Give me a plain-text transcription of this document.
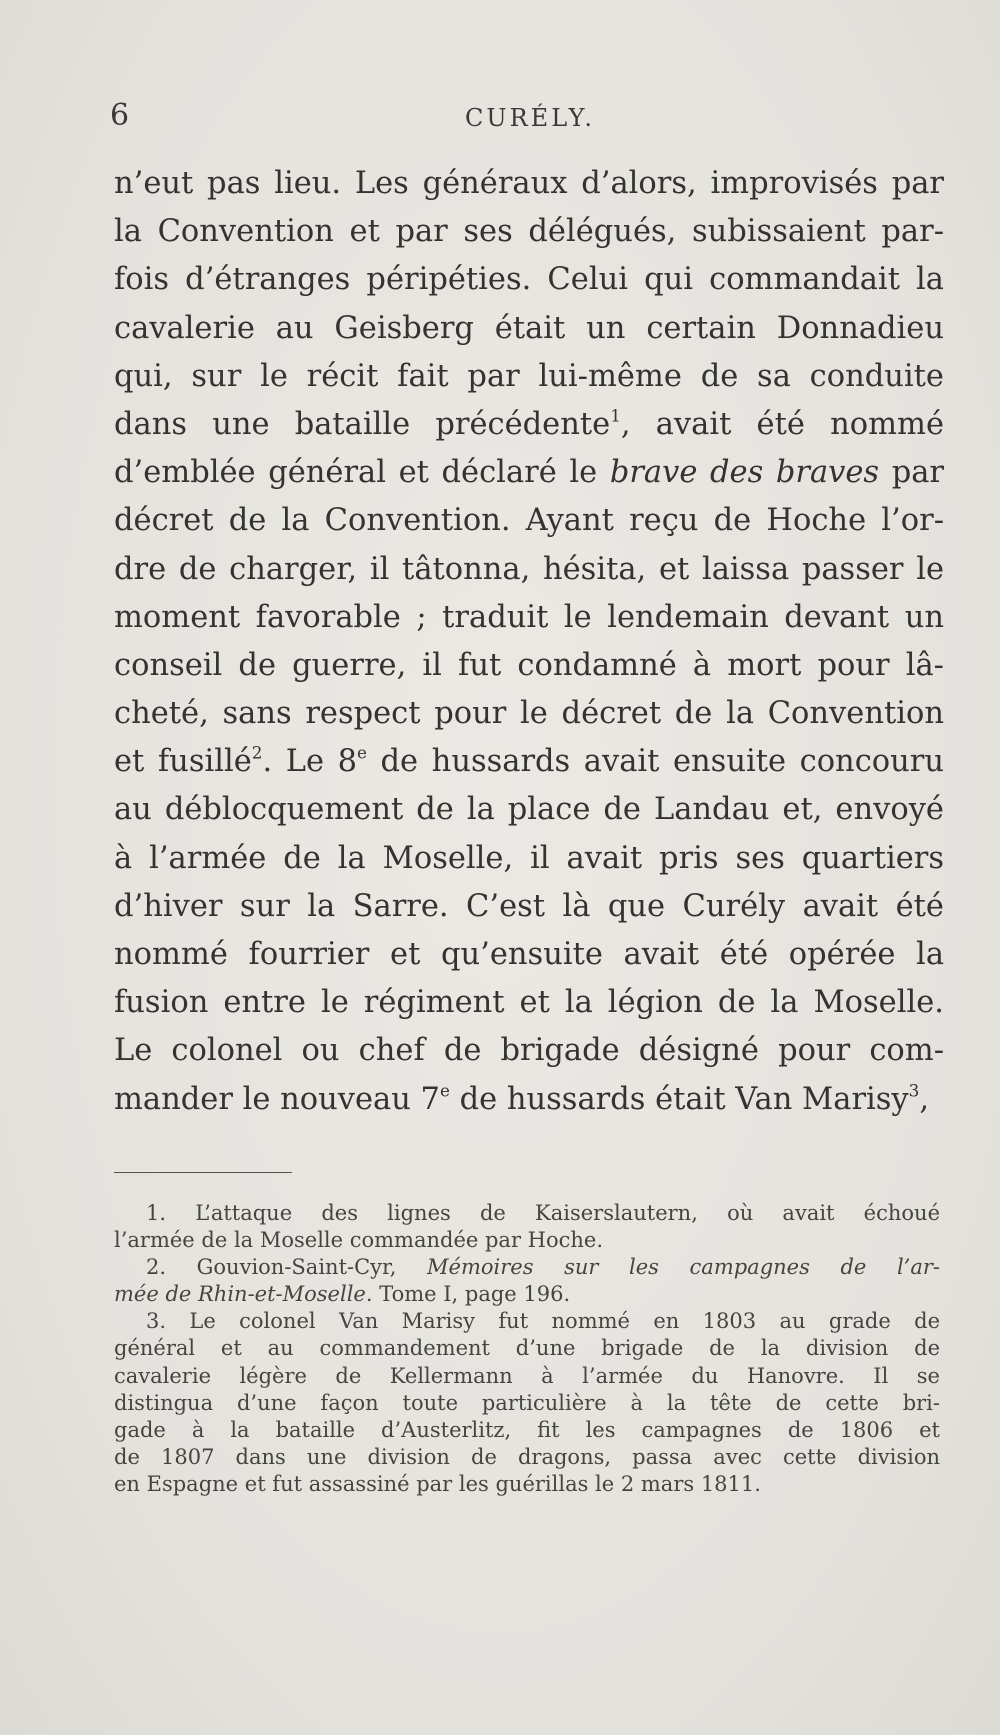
6	CURÉLY.
n’eut pas lieu. Les généraux d’alors, improvisés par
la Convention et par ses délégués, subissaient par-
fois d’étranges péripéties. Celui qui commandait la
cavalerie au Geisberg était un certain Donnadieu
qui, sur le récit fait par lui-même de sa conduite
dans une bataille précédente$^1$, avait été nommé
d’emblée général et déclaré le brave des braves par
décret de la Convention. Ayant reçu de Hoche l’or-
dre de charger, il tâtonna, hésita, et laissa passer le
moment favorable ; traduit le lendemain devant un
conseil de guerre, il fut condamné à mort pour lâ-
cheté, sans respect pour le décret de la Convention
et fusillé$^2$. Le 8e de hussards avait ensuite concouru
au déblocquement de la place de Landau et, envoyé
à l’armée de la Moselle, il avait pris ses quartiers
d’hiver sur la Sarre. C’est là que Curély avait été
nommé fourrier et qu’ensuite avait été opérée la
fusion entre le régiment et la légion de la Moselle.
Le colonel ou chef de brigade désigné pour com-
mander le nouveau 7e de hussards était Van Marisy$^3$,
1. L’attaque des lignes de Kaiserslautern, où avait échoué
l’armée de la Moselle commandée par Hoche.
2. Gouvion-Saint-Cyr, Mémoires sur les campagnes de l’ar-
mée de Rhin-et-Moselle. Tome I, page 196.
3. Le colonel Van Marisy fut nommé en 1803 au grade de
général et au commandement d’une brigade de la division de
cavalerie légère de Kellermann à l’armée du Hanovre. Il se
distingua d’une façon toute particulière à la tête de cette bri-
gade à la bataille d’Austerlitz, fit les campagnes de 1806 et
de 1807 dans une division de dragons, passa avec cette division
en Espagne et fut assassiné par les guérillas le 2 mars 1811.
